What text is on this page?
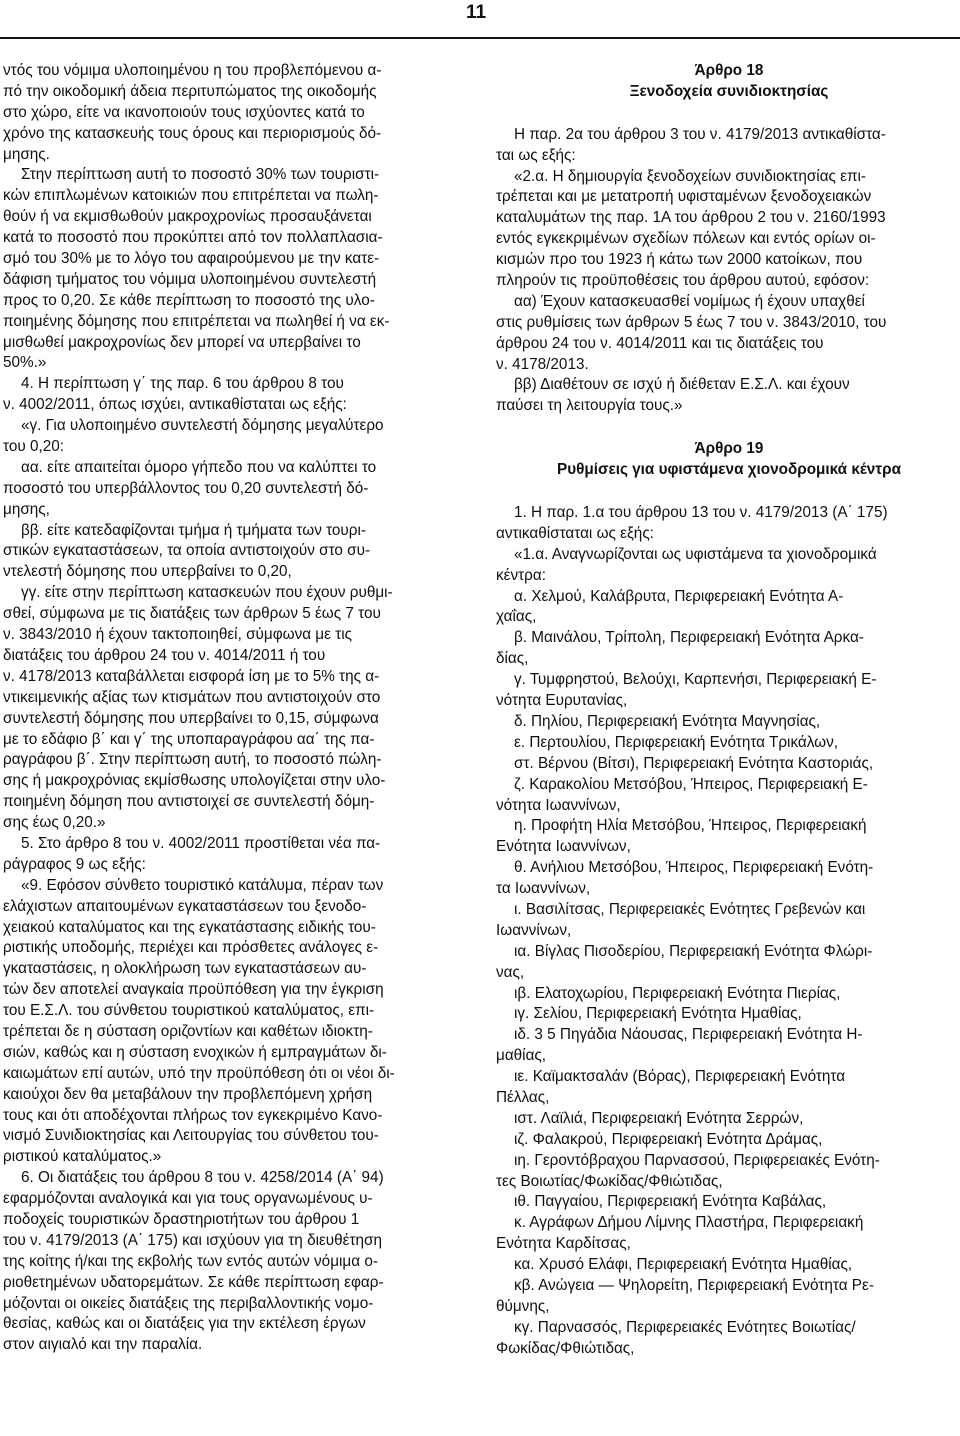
11
ντός του νόμιμα υλοποιημένου η του προβλεπόμενου α-
πό την οικοδομική άδεια περιτυπώματος της οικοδομής
στο χώρο, είτε να ικανοποιούν τους ισχύοντες κατά το
χρόνο της κατασκευής τους όρους και περιορισμούς δό-
μησης.
Στην περίπτωση αυτή το ποσοστό 30% των τουριστι-
κών επιπλωμένων κατοικιών που επιτρέπεται να πωλη-
θούν ή να εκμισθωθούν μακροχρονίως προσαυξάνεται
κατά το ποσοστό που προκύπτει από τον πολλαπλασια-
σμό του 30% με το λόγο του αφαιρούμενου με την κατε-
δάφιση τμήματος του νόμιμα υλοποιημένου συντελεστή
προς το 0,20. Σε κάθε περίπτωση το ποσοστό της υλο-
ποιημένης δόμησης που επιτρέπεται να πωληθεί ή να εκ-
μισθωθεί μακροχρονίως δεν μπορεί να υπερβαίνει το
50%.»
4. Η περίπτωση γ΄ της παρ. 6 του άρθρου 8 του
ν. 4002/2011, όπως ισχύει, αντικαθίσταται ως εξής:
«γ. Για υλοποιημένο συντελεστή δόμησης μεγαλύτερο
του 0,20:
αα. είτε απαιτείται όμορο γήπεδο που να καλύπτει το
ποσοστό του υπερβάλλοντος του 0,20 συντελεστή δό-
μησης,
ββ. είτε κατεδαφίζονται τμήμα ή τμήματα των τουρι-
στικών εγκαταστάσεων, τα οποία αντιστοιχούν στο συ-
ντελεστή δόμησης που υπερβαίνει το 0,20,
γγ. είτε στην περίπτωση κατασκευών που έχουν ρυθμι-
σθεί, σύμφωνα με τις διατάξεις των άρθρων 5 έως 7 του
ν. 3843/2010 ή έχουν τακτοποιηθεί, σύμφωνα με τις
διατάξεις του άρθρου 24 του ν. 4014/2011 ή του
ν. 4178/2013 καταβάλλεται εισφορά ίση με το 5% της α-
ντικειμενικής αξίας των κτισμάτων που αντιστοιχούν στο
συντελεστή δόμησης που υπερβαίνει το 0,15, σύμφωνα
με το εδάφιο β΄ και γ΄ της υποπαραγράφου αα΄ της πα-
ραγράφου β΄. Στην περίπτωση αυτή, το ποσοστό πώλη-
σης ή μακροχρόνιας εκμίσθωσης υπολογίζεται στην υλο-
ποιημένη δόμηση που αντιστοιχεί σε συντελεστή δόμη-
σης έως 0,20.»
5. Στο άρθρο 8 του ν. 4002/2011 προστίθεται νέα πα-
ράγραφος 9 ως εξής:
«9. Εφόσον σύνθετο τουριστικό κατάλυμα, πέραν των
ελάχιστων απαιτουμένων εγκαταστάσεων του ξενοδο-
χειακού καταλύματος και της εγκατάστασης ειδικής του-
ριστικής υποδομής, περιέχει και πρόσθετες ανάλογες ε-
γκαταστάσεις, η ολοκλήρωση των εγκαταστάσεων αυ-
τών δεν αποτελεί αναγκαία προϋπόθεση για την έγκριση
του Ε.Σ.Λ. του σύνθετου τουριστικού καταλύματος, επι-
τρέπεται δε η σύσταση οριζοντίων και καθέτων ιδιοκτη-
σιών, καθώς και η σύσταση ενοχικών ή εμπραγμάτων δι-
καιωμάτων επί αυτών, υπό την προϋπόθεση ότι οι νέοι δι-
καιούχοι δεν θα μεταβάλουν την προβλεπόμενη χρήση
τους και ότι αποδέχονται πλήρως τον εγκεκριμένο Κανο-
νισμό Συνιδιοκτησίας και Λειτουργίας του σύνθετου του-
ριστικού καταλύματος.»
6. Οι διατάξεις του άρθρου 8 του ν. 4258/2014 (Α΄ 94)
εφαρμόζονται αναλογικά και για τους οργανωμένους υ-
ποδοχείς τουριστικών δραστηριοτήτων του άρθρου 1
του ν. 4179/2013 (Α΄ 175) και ισχύουν για τη διευθέτηση
της κοίτης ή/και της εκβολής των εντός αυτών νόμιμα ο-
ριοθετημένων υδατορεμάτων. Σε κάθε περίπτωση εφαρ-
μόζονται οι οικείες διατάξεις της περιβαλλοντικής νομο-
θεσίας, καθώς και οι διατάξεις για την εκτέλεση έργων
στον αιγιαλό και την παραλία.
Άρθρο 18
Ξενοδοχεία συνιδιοκτησίας
Η παρ. 2α του άρθρου 3 του ν. 4179/2013 αντικαθίστα-
ται ως εξής:
«2.α. Η δημιουργία ξενοδοχείων συνιδιοκτησίας επι-
τρέπεται και με μετατροπή υφισταμένων ξενοδοχειακών
καταλυμάτων της παρ. 1Α του άρθρου 2 του ν. 2160/1993
εντός εγκεκριμένων σχεδίων πόλεων και εντός ορίων οι-
κισμών προ του 1923 ή κάτω των 2000 κατοίκων, που
πληρούν τις προϋποθέσεις του άρθρου αυτού, εφόσον:
αα) Έχουν κατασκευασθεί νομίμως ή έχουν υπαχθεί
στις ρυθμίσεις των άρθρων 5 έως 7 του ν. 3843/2010, του
άρθρου 24 του ν. 4014/2011 και τις διατάξεις του
ν. 4178/2013.
ββ) Διαθέτουν σε ισχύ ή διέθεταν Ε.Σ.Λ. και έχουν
παύσει τη λειτουργία τους.»
Άρθρο 19
Ρυθμίσεις για υφιστάμενα χιονοδρομικά κέντρα
1. Η παρ. 1.α του άρθρου 13 του ν. 4179/2013 (Α΄ 175)
αντικαθίσταται ως εξής:
«1.α. Αναγνωρίζονται ως υφιστάμενα τα χιονοδρομικά
κέντρα:
α. Χελμού, Καλάβρυτα, Περιφερειακή Ενότητα Α-
χαΐας,
β. Μαινάλου, Τρίπολη, Περιφερειακή Ενότητα Αρκα-
δίας,
γ. Τυμφρηστού, Βελούχι, Καρπενήσι, Περιφερειακή Ε-
νότητα Ευρυτανίας,
δ. Πηλίου, Περιφερειακή Ενότητα Μαγνησίας,
ε. Περτουλίου, Περιφερειακή Ενότητα Τρικάλων,
στ. Βέρνου (Βίτσι), Περιφερειακή Ενότητα Καστοριάς,
ζ. Καρακολίου Μετσόβου, Ήπειρος, Περιφερειακή Ε-
νότητα Ιωαννίνων,
η. Προφήτη Ηλία Μετσόβου, Ήπειρος, Περιφερειακή
Ενότητα Ιωαννίνων,
θ. Ανήλιου Μετσόβου, Ήπειρος, Περιφερειακή Ενότη-
τα Ιωαννίνων,
ι. Βασιλίτσας, Περιφερειακές Ενότητες Γρεβενών και
Ιωαννίνων,
ια. Βίγλας Πισοδερίου, Περιφερειακή Ενότητα Φλώρι-
νας,
ιβ. Ελατοχωρίου, Περιφερειακή Ενότητα Πιερίας,
ιγ. Σελίου, Περιφερειακή Ενότητα Ημαθίας,
ιδ. 3 5 Πηγάδια Νάουσας, Περιφερειακή Ενότητα Η-
μαθίας,
ιε. Καϊμακτσαλάν (Βόρας), Περιφερειακή Ενότητα
Πέλλας,
ιστ. Λαϊλιά, Περιφερειακή Ενότητα Σερρών,
ιζ. Φαλακρού, Περιφερειακή Ενότητα Δράμας,
ιη. Γεροντόβραχου Παρνασσού, Περιφερειακές Ενότη-
τες Βοιωτίας/Φωκίδας/Φθιώτιδας,
ιθ. Παγγαίου, Περιφερειακή Ενότητα Καβάλας,
κ. Αγράφων Δήμου Λίμνης Πλαστήρα, Περιφερειακή
Ενότητα Καρδίτσας,
κα. Χρυσό Ελάφι, Περιφερειακή Ενότητα Ημαθίας,
κβ. Ανώγεια — Ψηλορείτη, Περιφερειακή Ενότητα Ρε-
θύμνης,
κγ. Παρνασσός, Περιφερειακές Ενότητες Βοιωτίας/
Φωκίδας/Φθιώτιδας,
